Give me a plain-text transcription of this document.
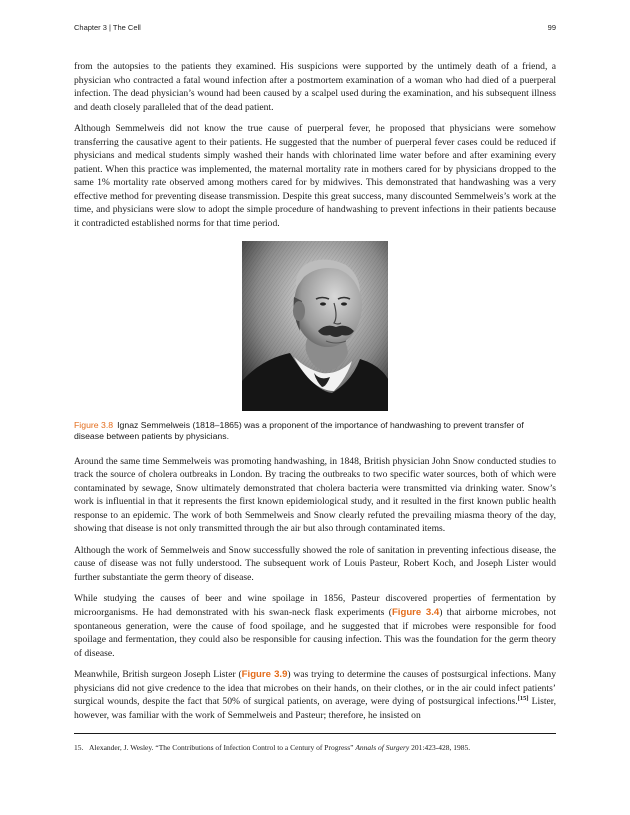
Chapter 3 | The Cell	99

from the autopsies to the patients they examined. His suspicions were supported by the untimely death of a friend, a physician who contracted a fatal wound infection after a postmortem examination of a woman who had died of a puerperal infection. The dead physician’s wound had been caused by a scalpel used during the examination, and his subsequent illness and death closely paralleled that of the dead patient.

Although Semmelweis did not know the true cause of puerperal fever, he proposed that physicians were somehow transferring the causative agent to their patients. He suggested that the number of puerperal fever cases could be reduced if physicians and medical students simply washed their hands with chlorinated lime water before and after examining every patient. When this practice was implemented, the maternal mortality rate in mothers cared for by physicians dropped to the same 1% mortality rate observed among mothers cared for by midwives. This demonstrated that handwashing was a very effective method for preventing disease transmission. Despite this great success, many discounted Semmelweis’s work at the time, and physicians were slow to adopt the simple procedure of handwashing to prevent infections in their patients because it contradicted established norms for that time period.

Figure 3.8 Ignaz Semmelweis (1818–1865) was a proponent of the importance of handwashing to prevent transfer of disease between patients by physicians.

Around the same time Semmelweis was promoting handwashing, in 1848, British physician John Snow conducted studies to track the source of cholera outbreaks in London. By tracing the outbreaks to two specific water sources, both of which were contaminated by sewage, Snow ultimately demonstrated that cholera bacteria were transmitted via drinking water. Snow’s work is influential in that it represents the first known epidemiological study, and it resulted in the first known public health response to an epidemic. The work of both Semmelweis and Snow clearly refuted the prevailing miasma theory of the day, showing that disease is not only transmitted through the air but also through contaminated items.

Although the work of Semmelweis and Snow successfully showed the role of sanitation in preventing infectious disease, the cause of disease was not fully understood. The subsequent work of Louis Pasteur, Robert Koch, and Joseph Lister would further substantiate the germ theory of disease.

While studying the causes of beer and wine spoilage in 1856, Pasteur discovered properties of fermentation by microorganisms. He had demonstrated with his swan-neck flask experiments (Figure 3.4) that airborne microbes, not spontaneous generation, were the cause of food spoilage, and he suggested that if microbes were responsible for food spoilage and fermentation, they could also be responsible for causing infection. This was the foundation for the germ theory of disease.

Meanwhile, British surgeon Joseph Lister (Figure 3.9) was trying to determine the causes of postsurgical infections. Many physicians did not give credence to the idea that microbes on their hands, on their clothes, or in the air could infect patients’ surgical wounds, despite the fact that 50% of surgical patients, on average, were dying of postsurgical infections.[15] Lister, however, was familiar with the work of Semmelweis and Pasteur; therefore, he insisted on

15. Alexander, J. Wesley. “The Contributions of Infection Control to a Century of Progress” Annals of Surgery 201:423-428, 1985.
